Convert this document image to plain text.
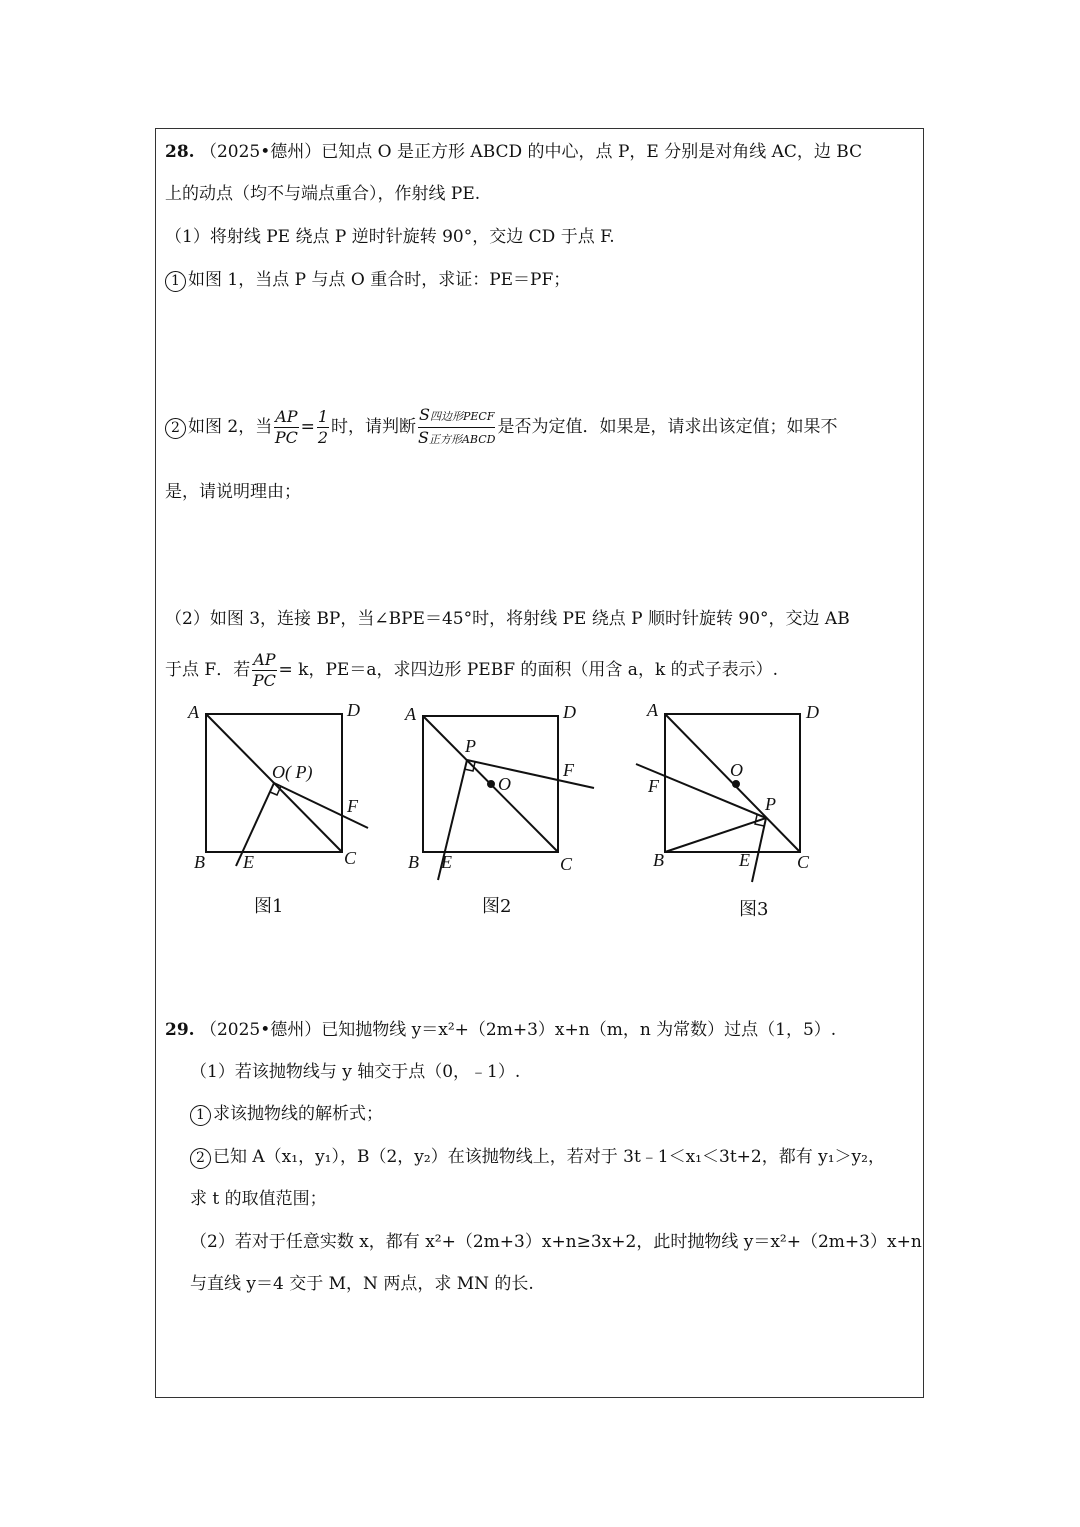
28. （2025•德州）已知点 O 是正方形 ABCD 的中心，点 P，E 分别是对角线 AC，边 BC
上的动点（均不与端点重合），作射线 PE.
（1）将射线 PE 绕点 P 逆时针旋转 90°，交边 CD 于点 F.
1 如图 1，当点 P 与点 O 重合时，求证：PE＝PF；
2 如图 2，当 $\frac{AP}{PC} = \frac{1}{2}$ 时，请判断 $\frac{\text{S四边形PECF}}{\text{S正方形ABCD}}$ 是否为定值．如果是，请求出该定值；如果不
是，请说明理由；
（2）如图 3，连接 BP，当∠BPE＝45°时，将射线 PE 绕点 P 顺时针旋转 90°，交边 AB
于点 F．若 $\frac{AP}{PC} = k$，PE＝a，求四边形 PEBF 的面积（用含 a，k 的式子表示）.
A	D
B	C
O( P)
F
E
A	D
B	C
P
O
F
E
A	D
B	C
O
P
F
E
图1	图2	图3
29. （2025•德州）已知抛物线 y＝x²+（2m+3）x+n（m，n 为常数）过点（1，5）.
（1）若该抛物线与 y 轴交于点（0，﹣1）.
1 求该抛物线的解析式；
2 已知 A（x₁，y₁），B（2，y₂）在该抛物线上，若对于 3t﹣1＜x₁＜3t+2，都有 y₁＞y₂，
求 t 的取值范围；
（2）若对于任意实数 x，都有 x²+（2m+3）x+n≥3x+2，此时抛物线 y＝x²+（2m+3）x+n
与直线 y＝4 交于 M，N 两点，求 MN 的长.
